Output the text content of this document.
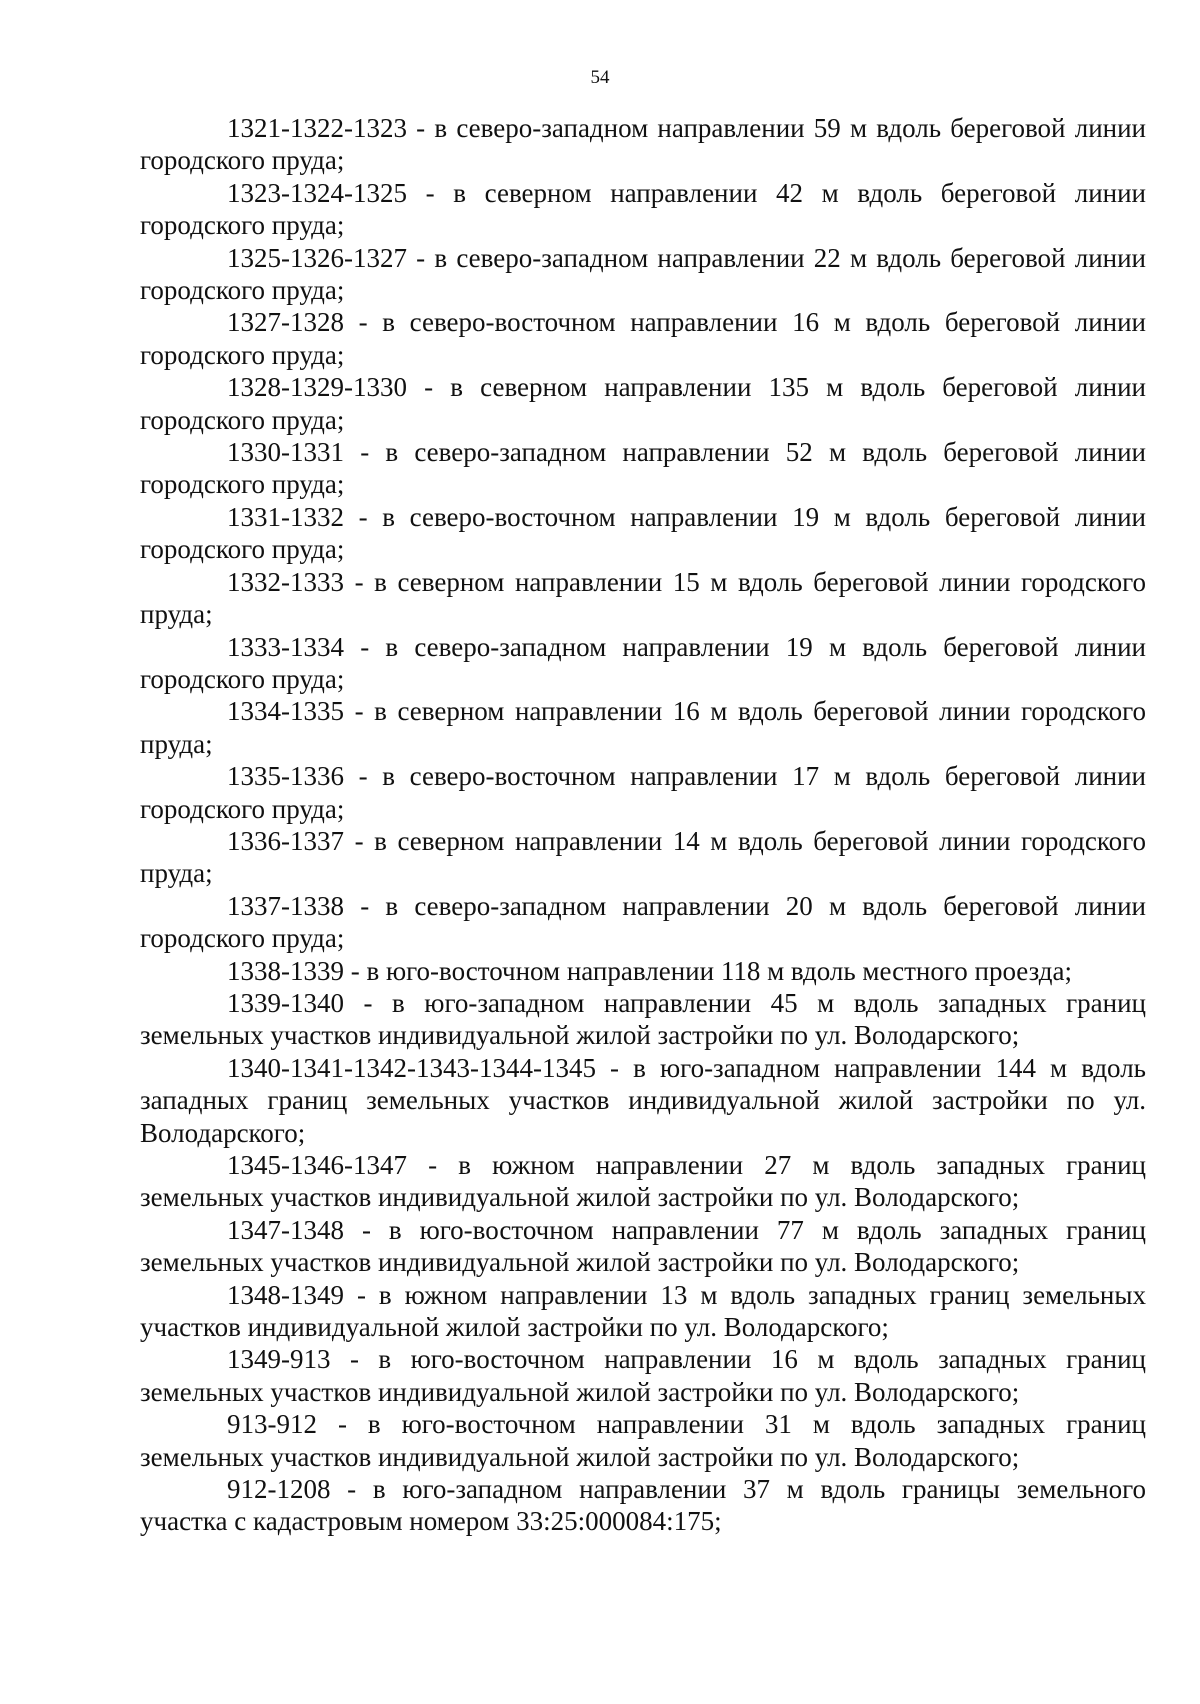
54

1321-1322-1323 - в северо-западном направлении 59 м вдоль береговой линии городского пруда;

1323-1324-1325 - в северном направлении 42 м вдоль береговой линии городского пруда;

1325-1326-1327 - в северо-западном направлении 22 м вдоль береговой линии городского пруда;

1327-1328 - в северо-восточном направлении 16 м вдоль береговой линии городского пруда;

1328-1329-1330 - в северном направлении 135 м вдоль береговой линии городского пруда;

1330-1331 - в северо-западном направлении 52 м вдоль береговой линии городского пруда;

1331-1332 - в северо-восточном направлении 19 м вдоль береговой линии городского пруда;

1332-1333 - в северном направлении 15 м вдоль береговой линии городского пруда;

1333-1334 - в северо-западном направлении 19 м вдоль береговой линии городского пруда;

1334-1335 - в северном направлении 16 м вдоль береговой линии городского пруда;

1335-1336 - в северо-восточном направлении 17 м вдоль береговой линии городского пруда;

1336-1337 - в северном направлении 14 м вдоль береговой линии городского пруда;

1337-1338 - в северо-западном направлении 20 м вдоль береговой линии городского пруда;

1338-1339 - в юго-восточном направлении 118 м вдоль местного проезда;

1339-1340 - в юго-западном направлении 45 м вдоль западных границ земельных участков индивидуальной жилой застройки по ул. Володарского;

1340-1341-1342-1343-1344-1345 - в юго-западном направлении 144 м вдоль западных границ земельных участков индивидуальной жилой застройки по ул. Володарского;

1345-1346-1347 - в южном направлении 27 м вдоль западных границ земельных участков индивидуальной жилой застройки по ул. Володарского;

1347-1348 - в юго-восточном направлении 77 м вдоль западных границ земельных участков индивидуальной жилой застройки по ул. Володарского;

1348-1349 - в южном направлении 13 м вдоль западных границ земельных участков индивидуальной жилой застройки по ул. Володарского;

1349-913 - в юго-восточном направлении 16 м вдоль западных границ земельных участков индивидуальной жилой застройки по ул. Володарского;

913-912 - в юго-восточном направлении 31 м вдоль западных границ земельных участков индивидуальной жилой застройки по ул. Володарского;

912-1208 - в юго-западном направлении 37 м вдоль границы земельного участка с кадастровым номером 33:25:000084:175;
